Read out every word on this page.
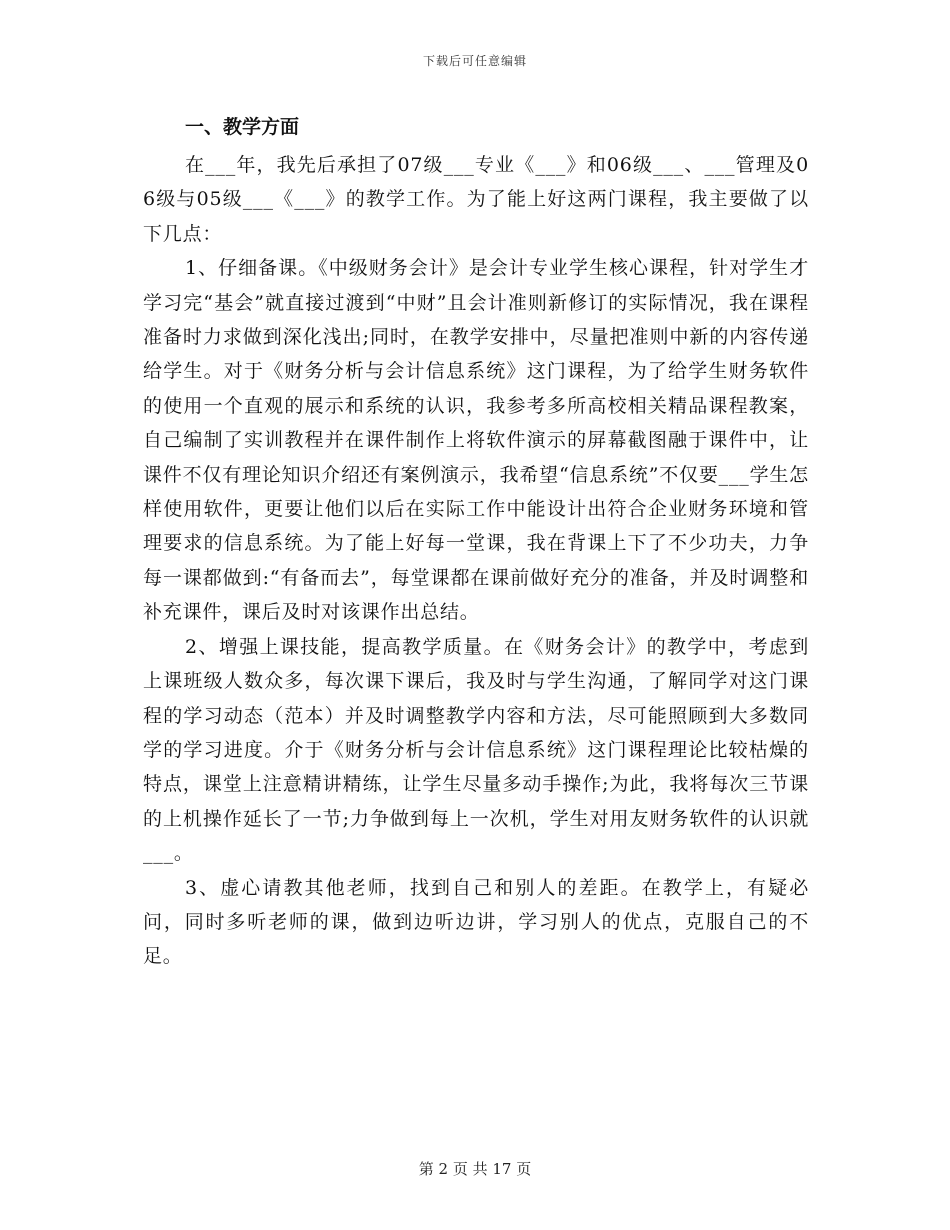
下载后可任意编辑
一、教学方面
在___年，我先后承担了07级___专业《___》和06级___、___管理及06级与05级___《___》的教学工作。为了能上好这两门课程，我主要做了以下几点：
1、仔细备课。《中级财务会计》是会计专业学生核心课程，针对学生才学习完“基会”就直接过渡到“中财”且会计准则新修订的实际情况，我在课程准备时力求做到深化浅出;同时，在教学安排中，尽量把准则中新的内容传递给学生。对于《财务分析与会计信息系统》这门课程，为了给学生财务软件的使用一个直观的展示和系统的认识，我参考多所高校相关精品课程教案，自己编制了实训教程并在课件制作上将软件演示的屏幕截图融于课件中，让课件不仅有理论知识介绍还有案例演示，我希望“信息系统”不仅要___学生怎样使用软件，更要让他们以后在实际工作中能设计出符合企业财务环境和管理要求的信息系统。为了能上好每一堂课，我在背课上下了不少功夫，力争每一课都做到:“有备而去”，每堂课都在课前做好充分的准备，并及时调整和补充课件，课后及时对该课作出总结。
2、增强上课技能，提高教学质量。在《财务会计》的教学中，考虑到上课班级人数众多，每次课下课后，我及时与学生沟通，了解同学对这门课程的学习动态（范本）并及时调整教学内容和方法，尽可能照顾到大多数同学的学习进度。介于《财务分析与会计信息系统》这门课程理论比较枯燥的特点，课堂上注意精讲精练，让学生尽量多动手操作;为此，我将每次三节课的上机操作延长了一节;力争做到每上一次机，学生对用友财务软件的认识就___。
3、虚心请教其他老师，找到自己和别人的差距。在教学上，有疑必问，同时多听老师的课，做到边听边讲，学习别人的优点，克服自己的不足。
第 2 页 共 17 页
